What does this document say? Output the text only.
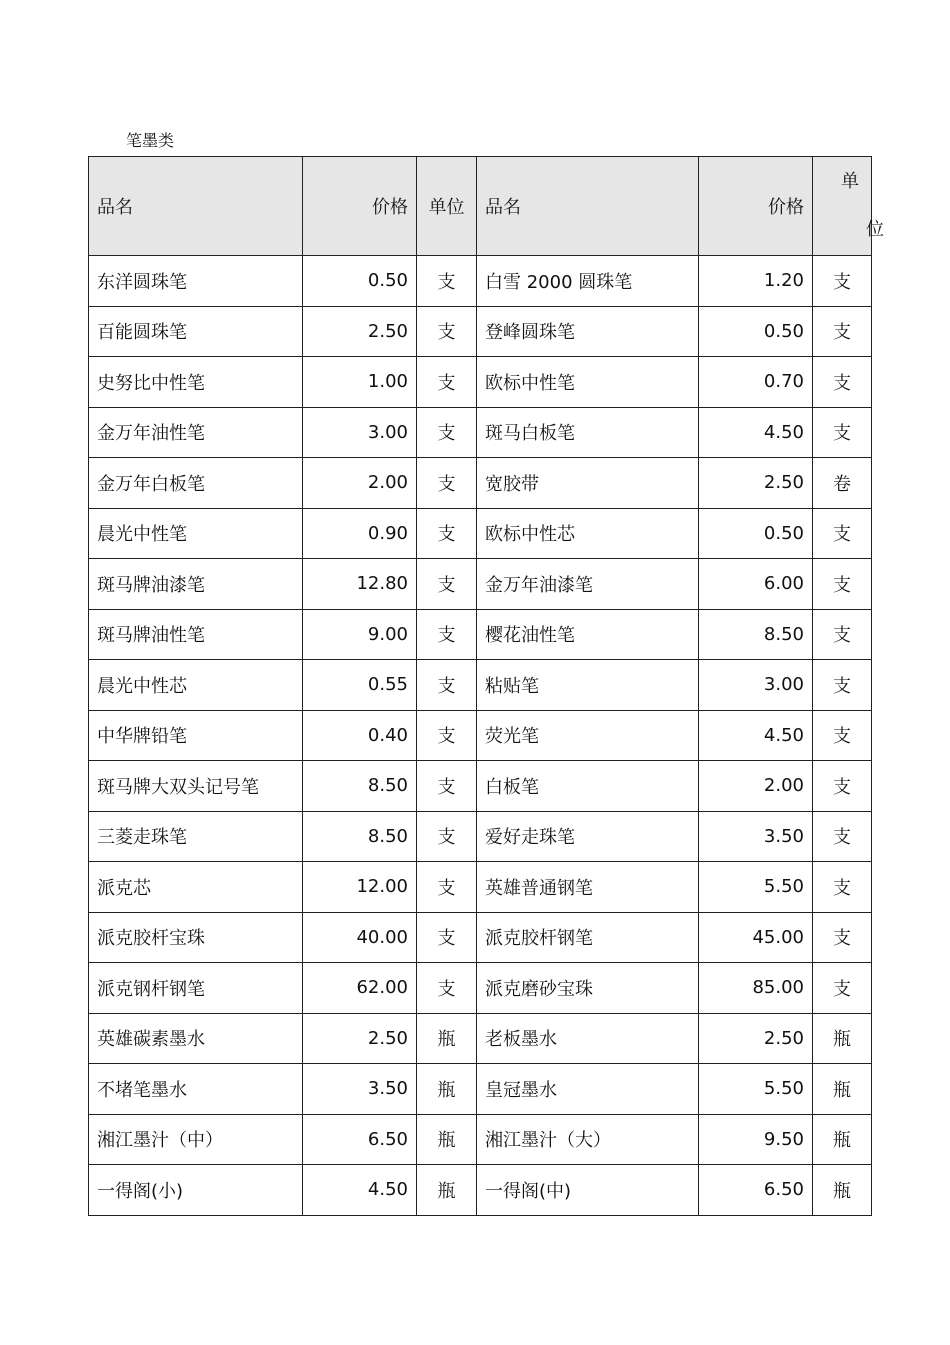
笔墨类
品名	价格	单位	品名	价格	单
位

东洋圆珠笔	0.50	支	白雪 2000 圆珠笔	1.20	支
百能圆珠笔	2.50	支	登峰圆珠笔	0.50	支
史努比中性笔	1.00	支	欧标中性笔	0.70	支
金万年油性笔	3.00	支	斑马白板笔	4.50	支
金万年白板笔	2.00	支	宽胶带	2.50	卷
晨光中性笔	0.90	支	欧标中性芯	0.50	支
斑马牌油漆笔	12.80	支	金万年油漆笔	6.00	支
斑马牌油性笔	9.00	支	樱花油性笔	8.50	支
晨光中性芯	0.55	支	粘贴笔	3.00	支
中华牌铅笔	0.40	支	荧光笔	4.50	支
斑马牌大双头记号笔	8.50	支	白板笔	2.00	支
三菱走珠笔	8.50	支	爱好走珠笔	3.50	支
派克芯	12.00	支	英雄普通钢笔	5.50	支
派克胶杆宝珠	40.00	支	派克胶杆钢笔	45.00	支
派克钢杆钢笔	62.00	支	派克磨砂宝珠	85.00	支
英雄碳素墨水	2.50	瓶	老板墨水	2.50	瓶
不堵笔墨水	3.50	瓶	皇冠墨水	5.50	瓶
湘江墨汁（中）	6.50	瓶	湘江墨汁（大）	9.50	瓶
一得阁(小)	4.50	瓶	一得阁(中)	6.50	瓶
